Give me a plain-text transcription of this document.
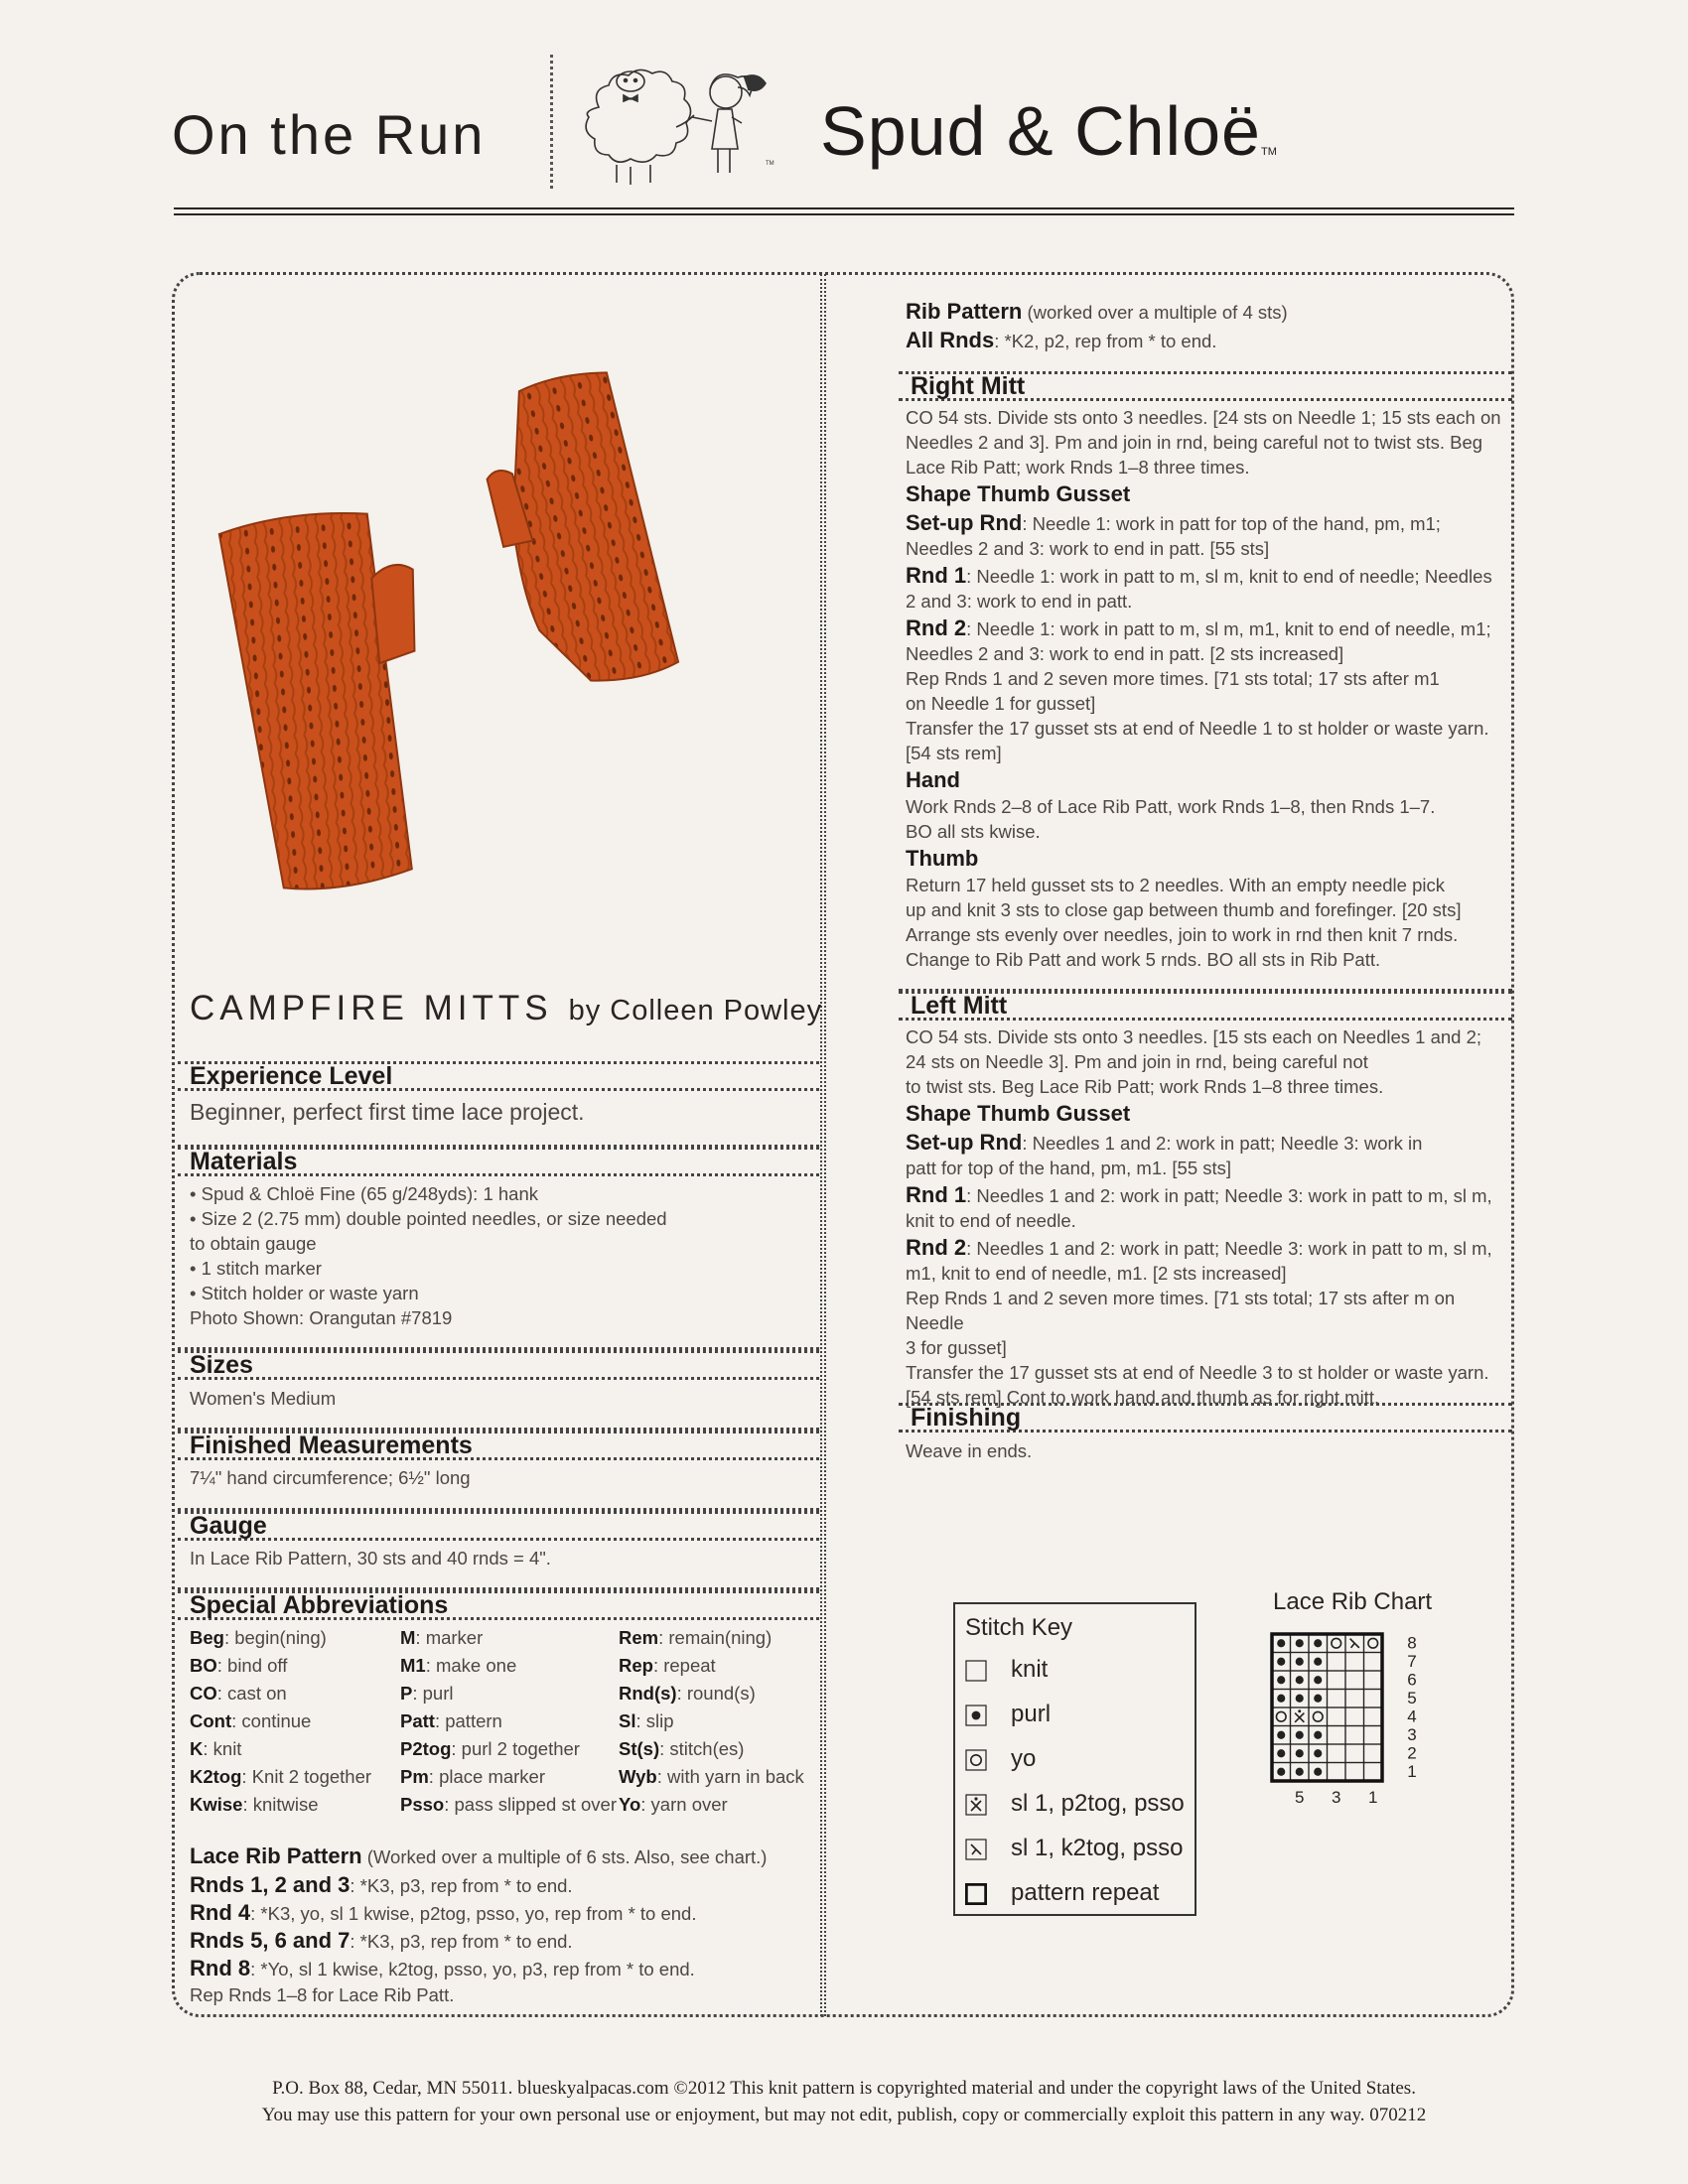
On the Run	TM Spud & ChloëTM
CAMPFIRE MITTS by Colleen Powley
Experience Level
Beginner, perfect first time lace project.
Materials
• Spud & Chloë Fine (65 g/248yds): 1 hank
• Size 2 (2.75 mm) double pointed needles, or size needed
to obtain gauge
• 1 stitch marker
• Stitch holder or waste yarn
Photo Shown: Orangutan #7819
Sizes
Women's Medium
Finished Measurements
7¼" hand circumference; 6½" long
Gauge
In Lace Rib Pattern, 30 sts and 40 rnds = 4".
Special Abbreviations
Beg: begin(ning)
BO: bind off
CO: cast on
Cont: continue
K: knit
K2tog: Knit 2 together
Kwise: knitwise
M: marker
M1: make one
P: purl
Patt: pattern
P2tog: purl 2 together
Pm: place marker
Psso: pass slipped st over
Rem: remain(ning)
Rep: repeat
Rnd(s): round(s)
Sl: slip
St(s): stitch(es)
Wyb: with yarn in back
Yo: yarn over
Lace Rib Pattern (Worked over a multiple of 6 sts. Also, see chart.)
Rnds 1, 2 and 3: *K3, p3, rep from * to end.
Rnd 4: *K3, yo, sl 1 kwise, p2tog, psso, yo, rep from * to end.
Rnds 5, 6 and 7: *K3, p3, rep from * to end.
Rnd 8: *Yo, sl 1 kwise, k2tog, psso, yo, p3, rep from * to end.
Rep Rnds 1–8 for Lace Rib Patt.
Rib Pattern (worked over a multiple of 4 sts)
All Rnds: *K2, p2, rep from * to end.
Right Mitt
CO 54 sts. Divide sts onto 3 needles. [24 sts on Needle 1; 15 sts each on
Needles 2 and 3]. Pm and join in rnd, being careful not to twist sts. Beg
Lace Rib Patt; work Rnds 1–8 three times.
Shape Thumb Gusset
Set-up Rnd: Needle 1: work in patt for top of the hand, pm, m1;
Needles 2 and 3: work to end in patt. [55 sts]
Rnd 1: Needle 1: work in patt to m, sl m, knit to end of needle; Needles
2 and 3: work to end in patt.
Rnd 2: Needle 1: work in patt to m, sl m, m1, knit to end of needle, m1;
Needles 2 and 3: work to end in patt. [2 sts increased]
Rep Rnds 1 and 2 seven more times. [71 sts total; 17 sts after m1
on Needle 1 for gusset]
Transfer the 17 gusset sts at end of Needle 1 to st holder or waste yarn.
[54 sts rem]
Hand
Work Rnds 2–8 of Lace Rib Patt, work Rnds 1–8, then Rnds 1–7.
BO all sts kwise.
Thumb
Return 17 held gusset sts to 2 needles. With an empty needle pick
up and knit 3 sts to close gap between thumb and forefinger. [20 sts]
Arrange sts evenly over needles, join to work in rnd then knit 7 rnds.
Change to Rib Patt and work 5 rnds. BO all sts in Rib Patt.
Left Mitt
CO 54 sts. Divide sts onto 3 needles. [15 sts each on Needles 1 and 2;
24 sts on Needle 3]. Pm and join in rnd, being careful not
to twist sts. Beg Lace Rib Patt; work Rnds 1–8 three times.
Shape Thumb Gusset
Set-up Rnd: Needles 1 and 2: work in patt; Needle 3: work in
patt for top of the hand, pm, m1. [55 sts]
Rnd 1: Needles 1 and 2: work in patt; Needle 3: work in patt to m, sl m,
knit to end of needle.
Rnd 2: Needles 1 and 2: work in patt; Needle 3: work in patt to m, sl m,
m1, knit to end of needle, m1. [2 sts increased]
Rep Rnds 1 and 2 seven more times. [71 sts total; 17 sts after m on Needle
3 for gusset]
Transfer the 17 gusset sts at end of Needle 3 to st holder or waste yarn.
[54 sts rem] Cont to work hand and thumb as for right mitt.
Finishing
Weave in ends.
Stitch Key
knit
purl
yo
sl 1, p2tog, psso
sl 1, k2tog, psso
pattern repeat
Lace Rib Chart
8
7
6
5
4
3
2
1
5 3 1
P.O. Box 88, Cedar, MN 55011. blueskyalpacas.com ©2012 This knit pattern is copyrighted material and under the copyright laws of the United States.
You may use this pattern for your own personal use or enjoyment, but may not edit, publish, copy or commercially exploit this pattern in any way. 070212
